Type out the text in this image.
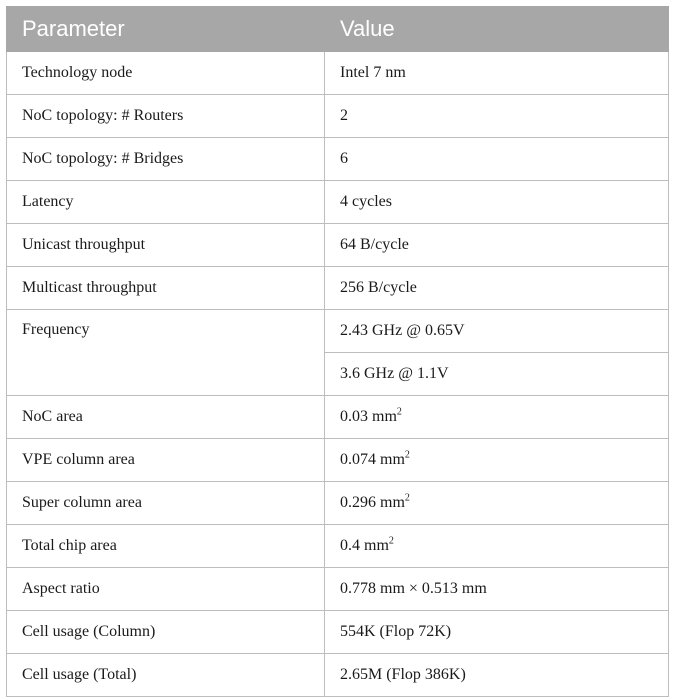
Parameter	Value
Technology node	Intel 7 nm
NoC topology: # Routers	2
NoC topology: # Bridges	6
Latency	4 cycles
Unicast throughput	64 B/cycle
Multicast throughput	256 B/cycle
Frequency	2.43 GHz @ 0.65V
	3.6 GHz @ 1.1V
NoC area	0.03 $mm^2$
VPE column area	0.074 $mm^2$
Super column area	0.296 $mm^2$
Total chip area	0.4 $mm^2$
Aspect ratio	0.778 mm × 0.513 mm
Cell usage (Column)	554K (Flop 72K)
Cell usage (Total)	2.65M (Flop 386K)
